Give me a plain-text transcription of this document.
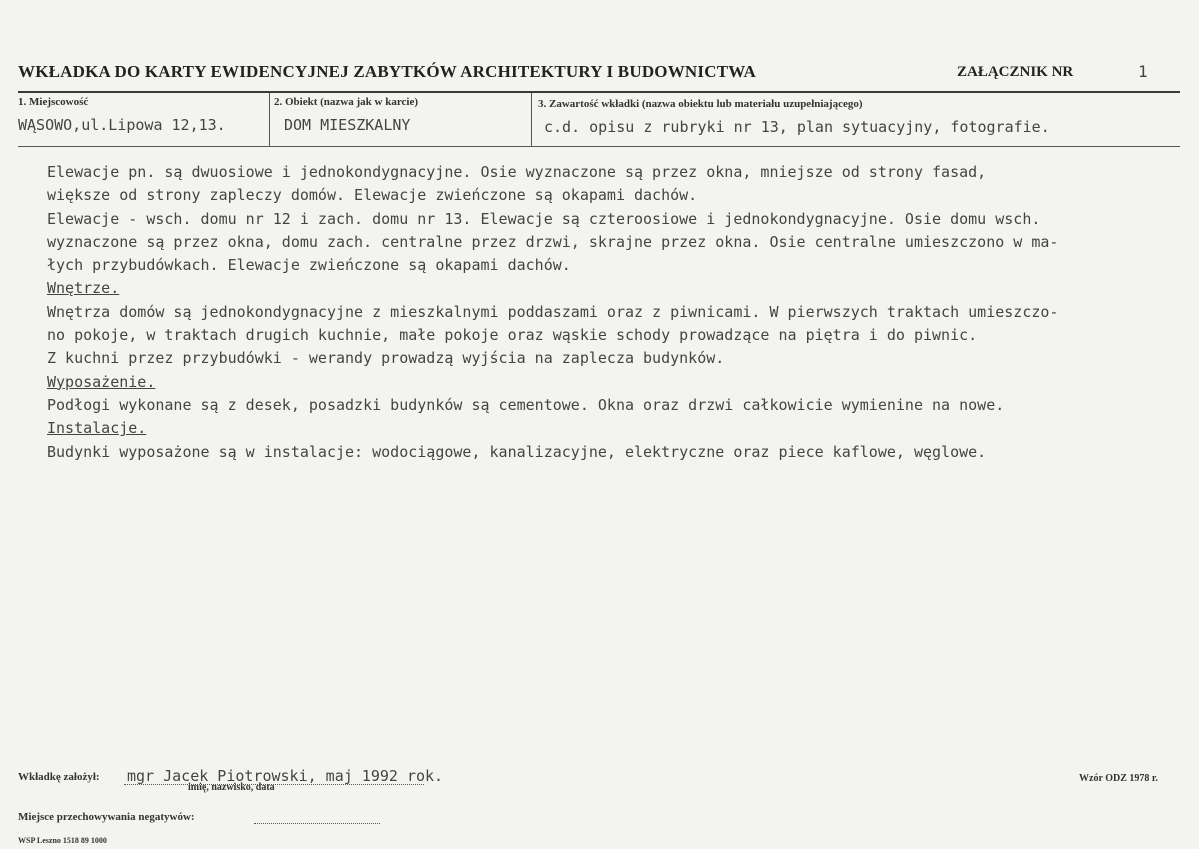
WKŁADKA DO KARTY EWIDENCYJNEJ ZABYTKÓW ARCHITEKTURY I BUDOWNICTWA	ZAŁĄCZNIK NR	1
1. Miejscowość
WĄSOWO,ul.Lipowa 12,13.
2. Obiekt (nazwa jak w karcie)
DOM MIESZKALNY
3. Zawartość wkładki (nazwa obiektu lub materiału uzupełniającego)
c.d. opisu z rubryki nr 13, plan sytuacyjny, fotografie.
Elewacje pn. są dwuosiowe i jednokondygnacyjne. Osie wyznaczone są przez okna, mniejsze od strony fasad,
większe od strony zapleczy domów. Elewacje zwieńczone są okapami dachów.
Elewacje - wsch. domu nr 12 i zach. domu nr 13. Elewacje są czteroosiowe i jednokondygnacyjne. Osie domu wsch.
wyznaczone są przez okna, domu zach. centralne przez drzwi, skrajne przez okna. Osie centralne umieszczono w ma-
łych przybudówkach. Elewacje zwieńczone są okapami dachów.
Wnętrze.
Wnętrza domów są jednokondygnacyjne z mieszkalnymi poddaszami oraz z piwnicami. W pierwszych traktach umieszczo-
no pokoje, w traktach drugich kuchnie, małe pokoje oraz wąskie schody prowadzące na piętra i do piwnic.
Z kuchni przez przybudówki - werandy prowadzą wyjścia na zaplecza budynków.
Wyposażenie.
Podłogi wykonane są z desek, posadzki budynków są cementowe. Okna oraz drzwi całkowicie wymienine na nowe.
Instalacje.
Budynki wyposażone są w instalacje: wodociągowe, kanalizacyjne, elektryczne oraz piece kaflowe, węglowe.
Wkładkę założył: mgr Jacek Piotrowski, maj 1992 rok.
imię, nazwisko, data
Wzór ODZ 1978 r.
Miejsce przechowywania negatywów:
WSP Leszno 1518 89 1000
